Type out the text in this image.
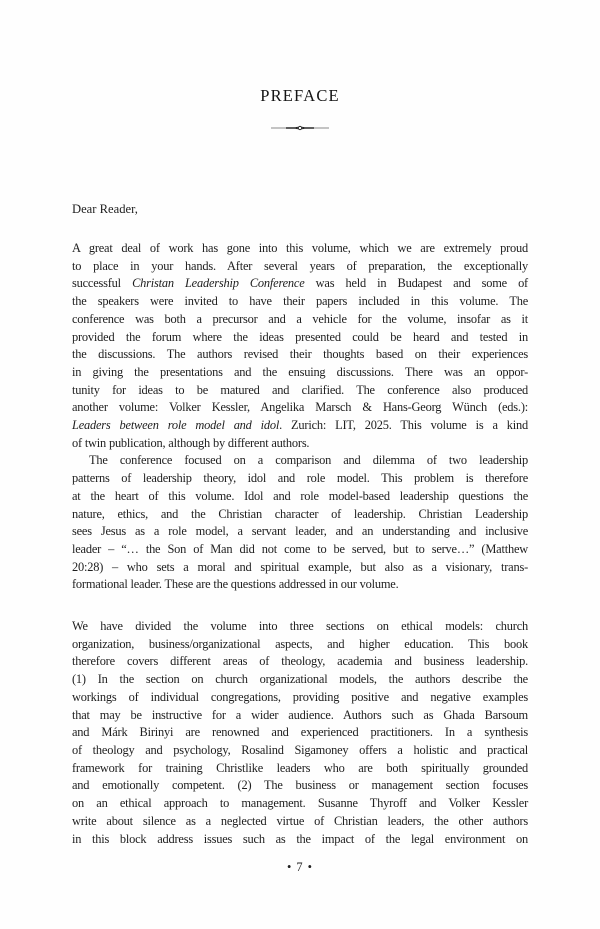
PREFACE
Dear Reader,
A great deal of work has gone into this volume, which we are extremely proud
to place in your hands. After several years of preparation, the exceptionally
successful Christan Leadership Conference was held in Budapest and some of
the speakers were invited to have their papers included in this volume. The
conference was both a precursor and a vehicle for the volume, insofar as it
provided the forum where the ideas presented could be heard and tested in
the discussions. The authors revised their thoughts based on their experiences
in giving the presentations and the ensuing discussions. There was an oppor-
tunity for ideas to be matured and clarified. The conference also produced
another volume: Volker Kessler, Angelika Marsch & Hans-Georg Wünch (eds.):
Leaders between role model and idol. Zurich: LIT, 2025. This volume is a kind
of twin publication, although by different authors.
The conference focused on a comparison and dilemma of two leadership
patterns of leadership theory, idol and role model. This problem is therefore
at the heart of this volume. Idol and role model-based leadership questions the
nature, ethics, and the Christian character of leadership. Christian Leadership
sees Jesus as a role model, a servant leader, and an understanding and inclusive
leader – “… the Son of Man did not come to be served, but to serve…” (Matthew
20:28) – who sets a moral and spiritual example, but also as a visionary, trans-
formational leader. These are the questions addressed in our volume.
We have divided the volume into three sections on ethical models: church
organization, business/organizational aspects, and higher education. This book
therefore covers different areas of theology, academia and business leadership.
(1) In the section on church organizational models, the authors describe the
workings of individual congregations, providing positive and negative examples
that may be instructive for a wider audience. Authors such as Ghada Barsoum
and Márk Birinyi are renowned and experienced practitioners. In a synthesis
of theology and psychology, Rosalind Sigamoney offers a holistic and practical
framework for training Christlike leaders who are both spiritually grounded
and emotionally competent. (2) The business or management section focuses
on an ethical approach to management. Susanne Thyroff and Volker Kessler
write about silence as a neglected virtue of Christian leaders, the other authors
in this block address issues such as the impact of the legal environment on
• 7 •
